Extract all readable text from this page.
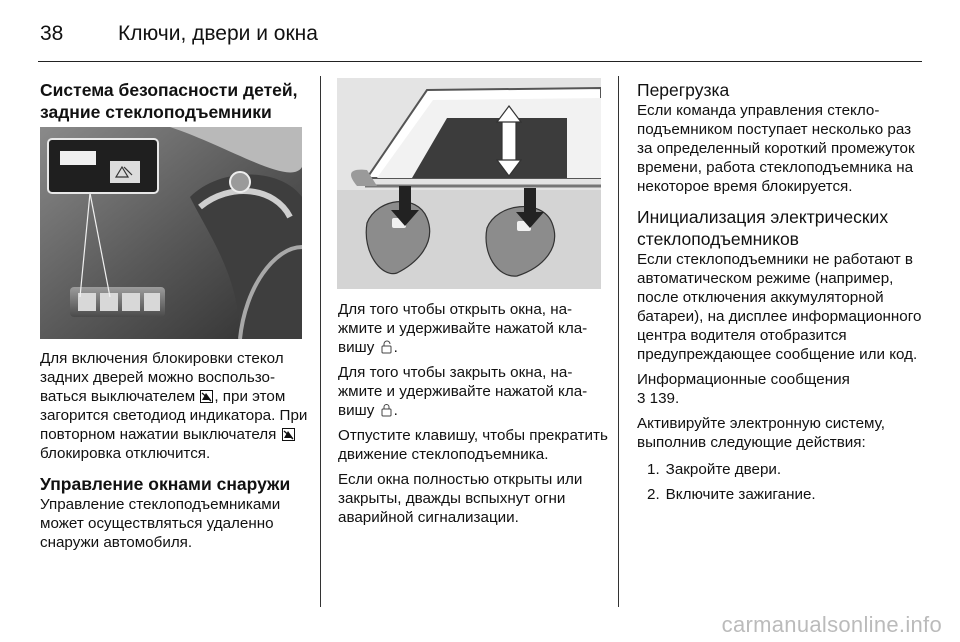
38	Ключи, двери и окна
Система безопасности детей, задние стеклоподъемники

Для включения блокировки стекол задних дверей можно воспользоваться выключателем , при этом загорится светодиод индикатора. При повторном нажатии выключателя  блокировка отключится.

Управление окнами снаружи

Управление стеклоподъемниками может осуществляться удаленно снаружи автомобиля.

Для того чтобы открыть окна, нажмите и удерживайте нажатой клавишу .

Для того чтобы закрыть окна, нажмите и удерживайте нажатой клавишу .

Отпустите клавишу, чтобы прекратить движение стеклоподъемника.

Если окна полностью открыты или закрыты, дважды вспыхнут огни аварийной сигнализации.

Перегрузка

Если команда управления стеклоподъемником поступает несколько раз за определенный короткий промежуток времени, работа стеклоподъемника на некоторое время блокируется.

Инициализация электрических стеклоподъемников

Если стеклоподъемники не работают в автоматическом режиме (например, после отключения аккумуляторной батареи), на дисплее информационного центра водителя отобразится предупреждающее сообщение или код.

Информационные сообщения

3 139.

Активируйте электронную систему, выполнив следующие действия:

1. Закройте двери.
2. Включите зажигание.
carmanualsonline.info
